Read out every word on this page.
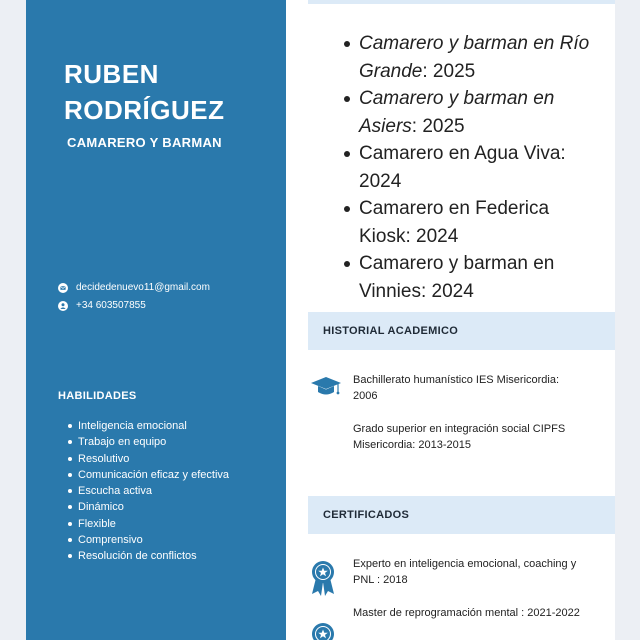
RUBEN
RODRÍGUEZ
CAMARERO Y BARMAN
decidedenuevo11@gmail.com
+34 603507855
HABILIDADES
Inteligencia emocional
Trabajo en equipo
Resolutivo
Comunicación eficaz y efectiva
Escucha activa
Dinámico
Flexible
Comprensivo
Resolución de conflictos
Camarero y barman en Río Grande: 2025
Camarero y barman en Asiers: 2025
Camarero en Agua Viva: 2024
Camarero en Federica Kiosk: 2024
Camarero y barman en Vinnies: 2024
HISTORIAL ACADEMICO
Bachillerato humanístico IES Misericordia: 2006
Grado superior en integración social CIPFS Misericordia: 2013-2015
CERTIFICADOS
Experto en inteligencia emocional, coaching y PNL : 2018
Master de reprogramación mental : 2021-2022
